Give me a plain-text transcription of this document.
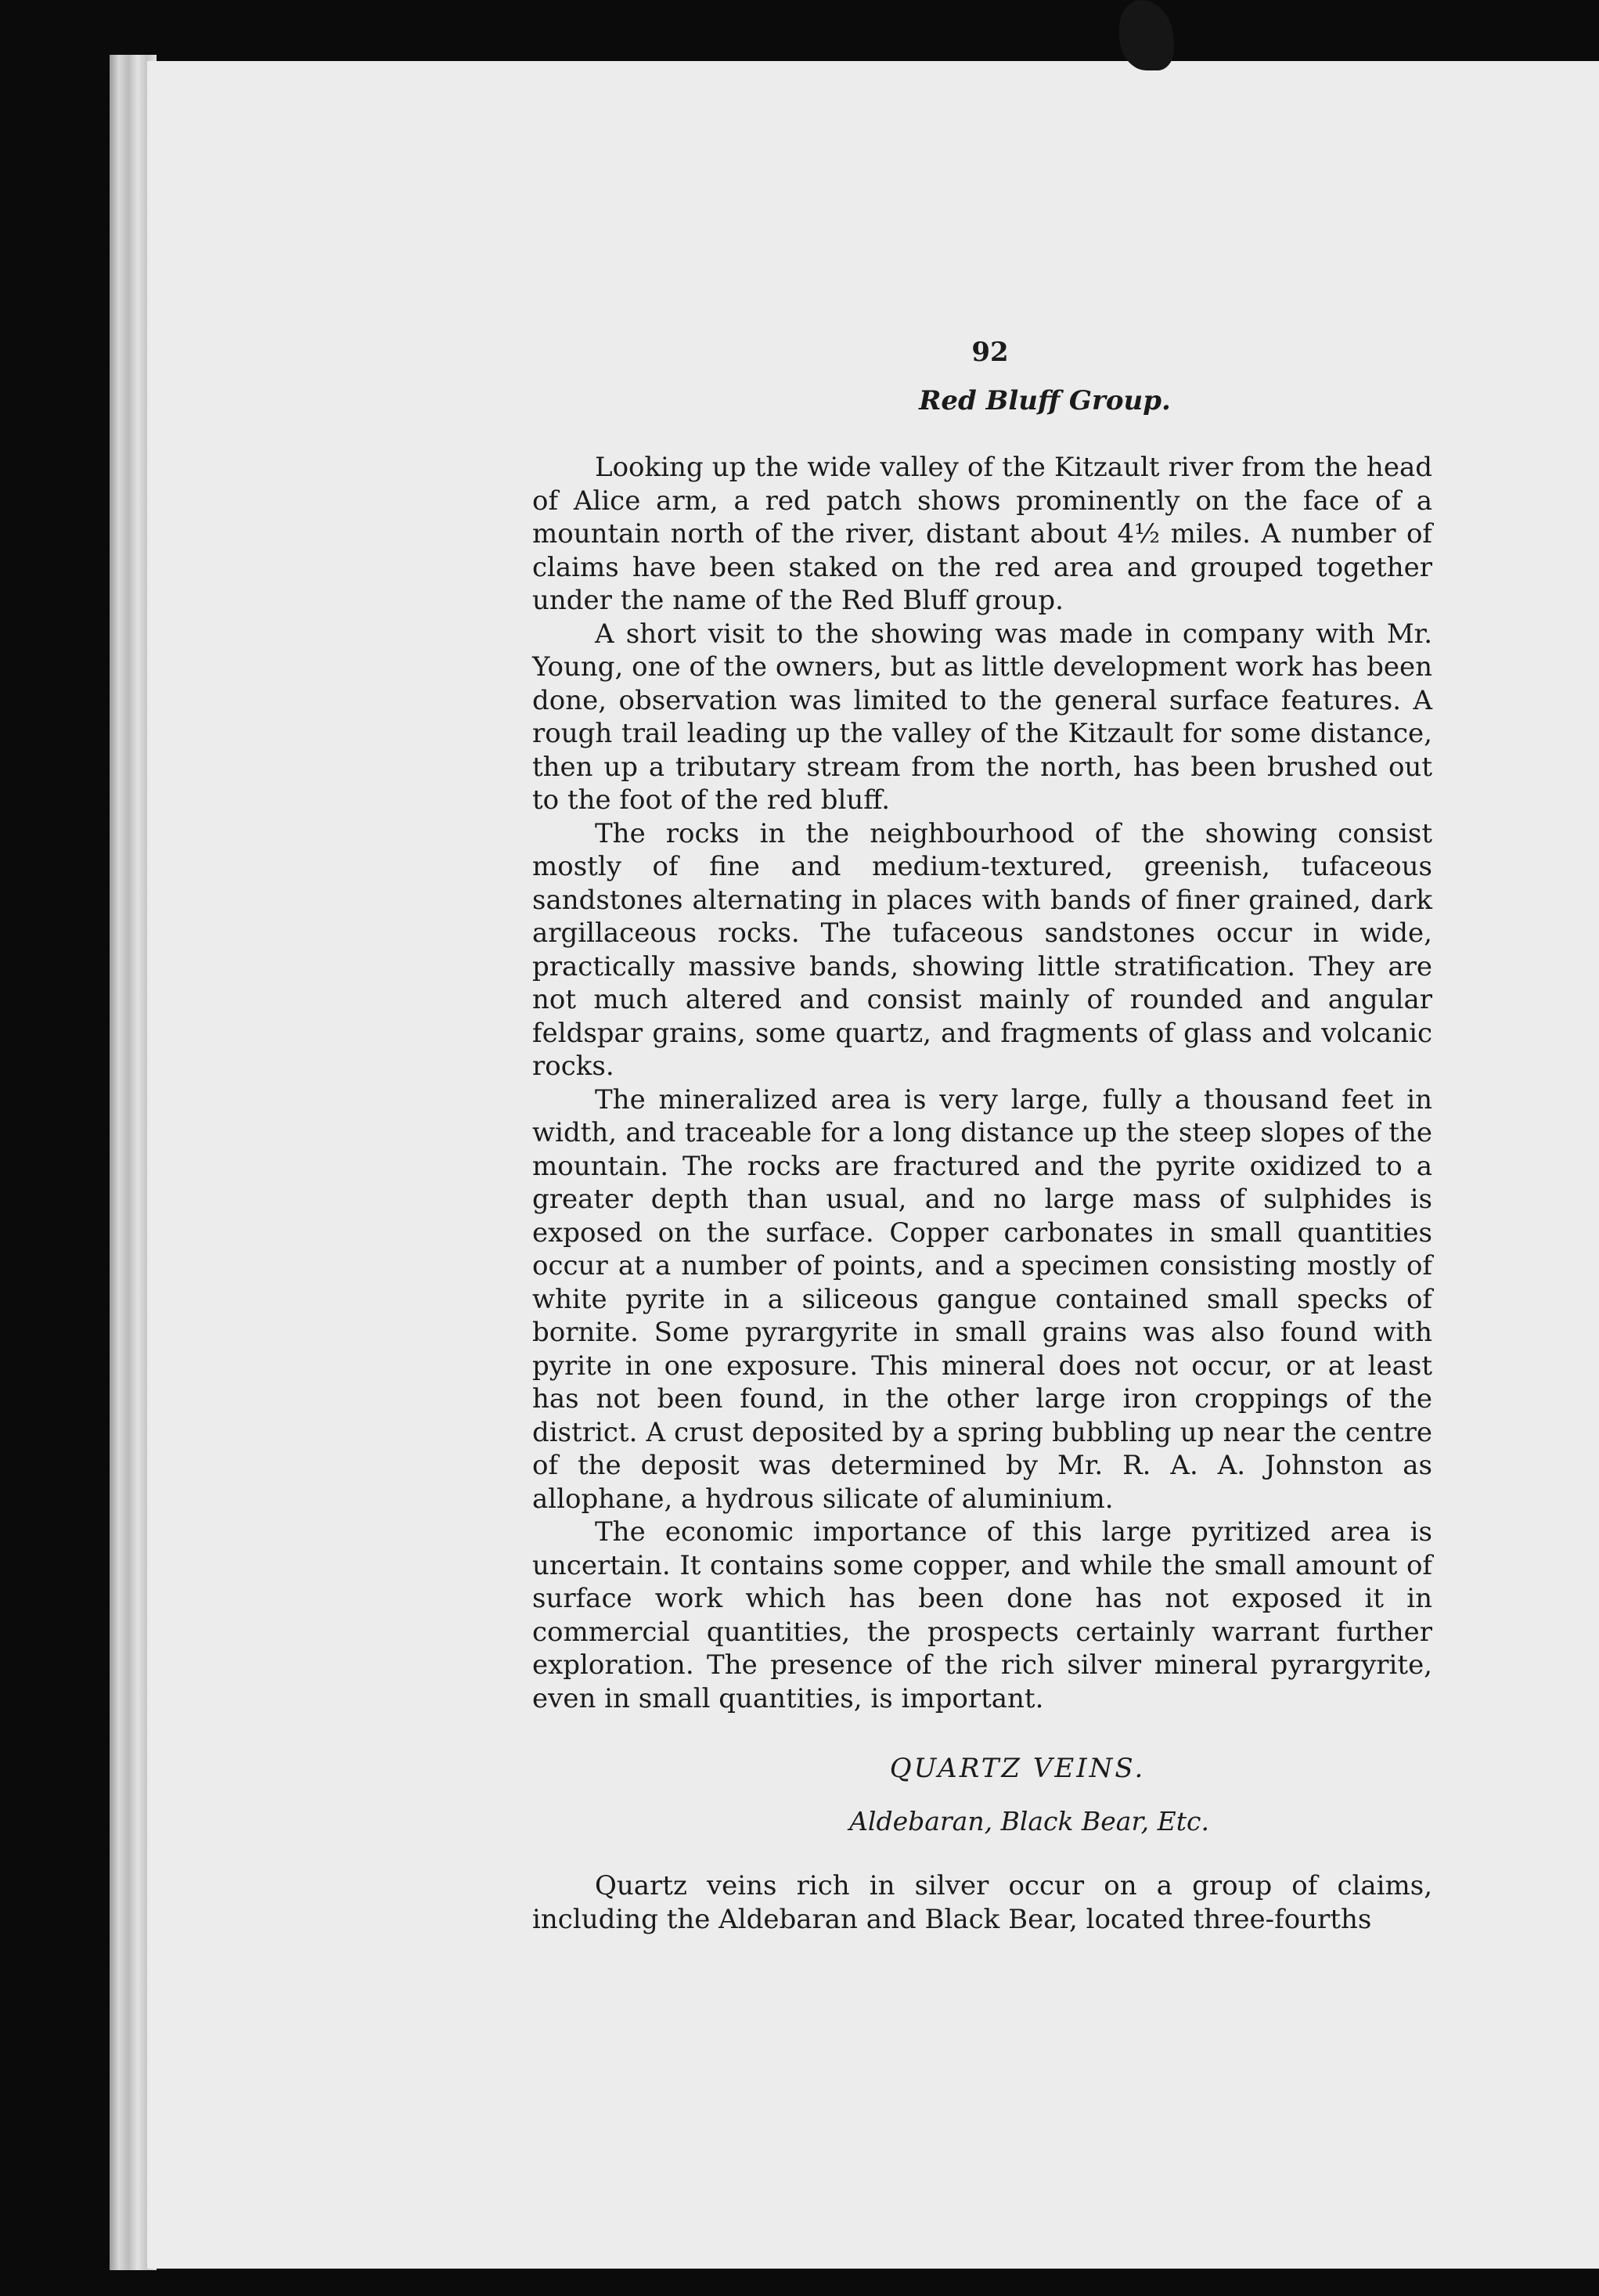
92
Red Bluff Group.

Looking up the wide valley of the Kitzault river from the head of Alice arm, a red patch shows prominently on the face of a mountain north of the river, distant about 4½ miles. A number of claims have been staked on the red area and grouped together under the name of the Red Bluff group.

A short visit to the showing was made in company with Mr. Young, one of the owners, but as little development work has been done, observation was limited to the general surface features. A rough trail leading up the valley of the Kitzault for some distance, then up a tributary stream from the north, has been brushed out to the foot of the red bluff.

The rocks in the neighbourhood of the showing consist mostly of fine and medium-textured, greenish, tufaceous sandstones alternating in places with bands of finer grained, dark argillaceous rocks. The tufaceous sandstones occur in wide, practically massive bands, showing little stratification. They are not much altered and consist mainly of rounded and angular feldspar grains, some quartz, and fragments of glass and volcanic rocks.

The mineralized area is very large, fully a thousand feet in width, and traceable for a long distance up the steep slopes of the mountain. The rocks are fractured and the pyrite oxidized to a greater depth than usual, and no large mass of sulphides is exposed on the surface. Copper carbonates in small quantities occur at a number of points, and a specimen consisting mostly of white pyrite in a siliceous gangue contained small specks of bornite. Some pyrargyrite in small grains was also found with pyrite in one exposure. This mineral does not occur, or at least has not been found, in the other large iron croppings of the district. A crust deposited by a spring bubbling up near the centre of the deposit was determined by Mr. R. A. A. Johnston as allophane, a hydrous silicate of aluminium.

The economic importance of this large pyritized area is uncertain. It contains some copper, and while the small amount of surface work which has been done has not exposed it in commercial quantities, the prospects certainly warrant further exploration. The presence of the rich silver mineral pyrargyrite, even in small quantities, is important.

QUARTZ VEINS.
Aldebaran, Black Bear, Etc.

Quartz veins rich in silver occur on a group of claims, including the Aldebaran and Black Bear, located three-fourths
